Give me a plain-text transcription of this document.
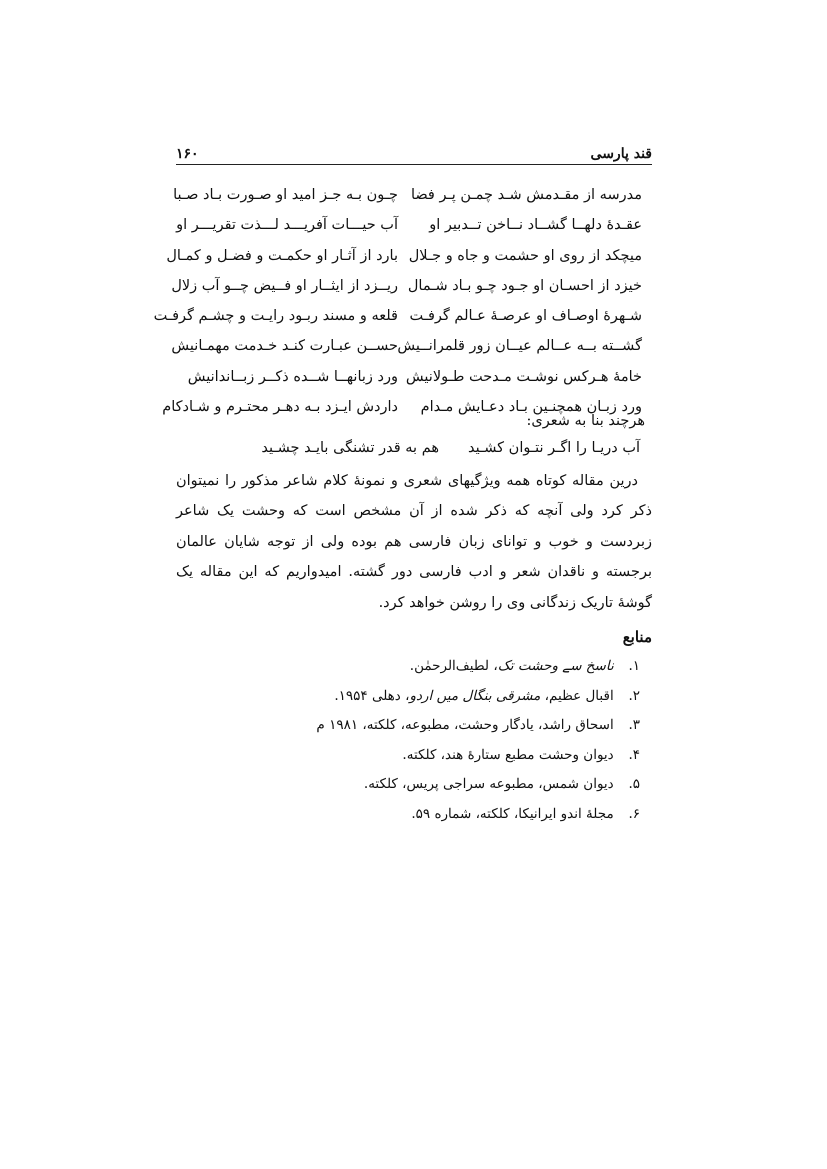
قند پارسی
۱۶۰
مدرسه از مقـدمش شـد چمـن پـر فضا
چـون بـه جـز امید او صـورت بـاد صـبا
عقـدهٔ دلهــا گشــاد نــاخن تــدبیر او
آب حیـــات آفریـــد لـــذت تقریـــر او
میچکد از روی او حشمت و جاه و جـلال
بارد از آثـار او حکمـت و فضـل و کمـال
خیزد از احسـان او جـود چـو بـاد شـمال
ریــزد از ایثــار او فــیض چــو آب زلال
شـهرهٔ اوصـاف او عرصـهٔ عـالم گرفـت
قلعه و مسند ربـود رایـت و چشـم گرفـت
گشــته بــه عــالم عیــان زور قلمرانــیش
حســن عبـارت کنـد خـدمت مهمـانیش
خامهٔ هـرکس نوشـت مـدحت طـولانیش
ورد زبانهــا شــده ذکــر زبــاندانیش
ورد زبـان همچنـین بـاد دعـایش مـدام
داردش ایـزد بـه دهـر محتـرم و شـادکام
هرچند بنا به شعری:
آب دریـا را اگـر نتـوان کشـید
هم به قدر تشنگی بایـد چشـید

درین مقاله کوتاه همه ویژگیهای شعری و نمونهٔ کلام شاعر مذکور را نمیتوان ذکر کرد ولی آنچه که ذکر شده از آن مشخص است که وحشت یک شاعر زبردست و خوب و توانای زبان فارسی هم بوده ولی از توجه شایان عالمان برجسته و ناقدان شعر و ادب فارسی دور گشته. امیدواریم که این مقاله یک گوشهٔ تاریک زندگانی وی را روشن خواهد کرد.

منابع
۱. ناسخ سے وحشت تک، لطیف‌الرحمٰن.
۲. اقبال عظیم، مشرقی بنگال میں اردو، دهلی ۱۹۵۴.
۳. اسحاق راشد، یادگار وحشت، مطبوعه، کلکته، ۱۹۸۱ م
۴. دیوان وحشت مطبع ستارهٔ هند، کلکته.
۵. دیوان شمس، مطبوعه سراجی پریس، کلکته.
۶. مجلهٔ اندو ایرانیکا، کلکته، شماره ۵۹.
